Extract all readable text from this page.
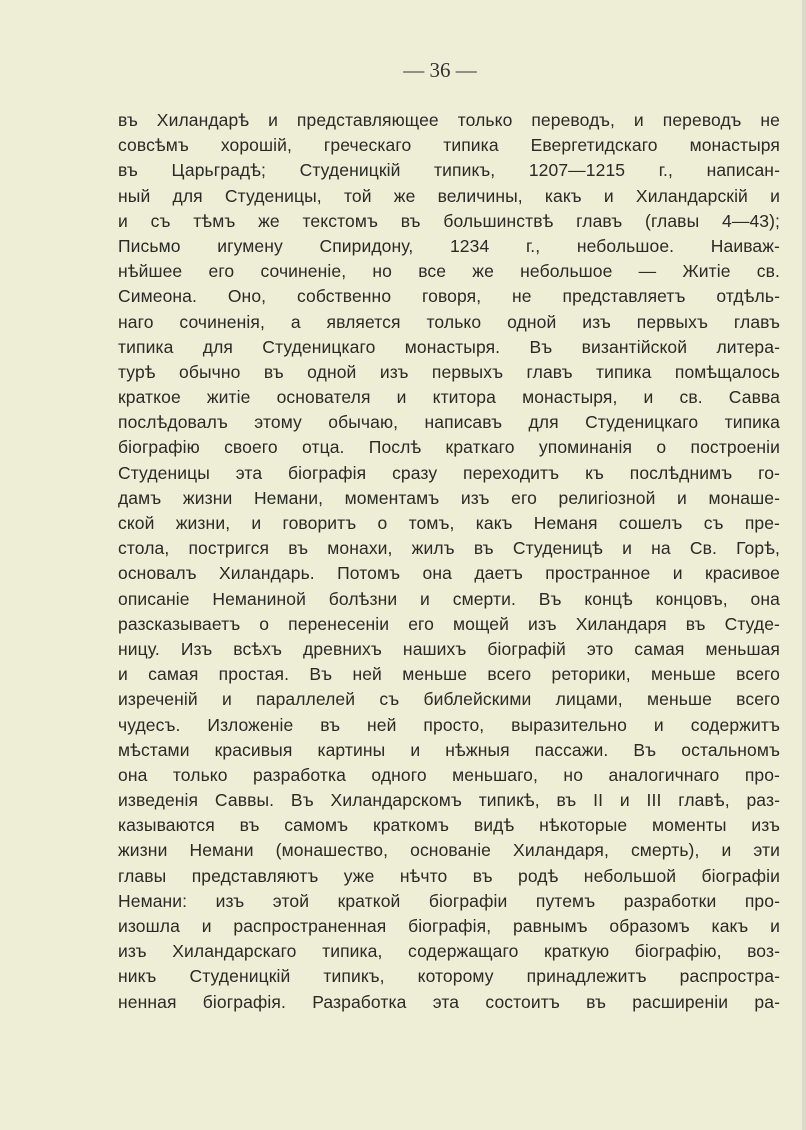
— 36 —
въ Хиландарѣ и представляющее только переводъ, и переводъ не
совсѣмъ хорошій, греческаго типика Евергетидскаго монастыря
въ Царьградѣ; Студеницкій типикъ, 1207—1215 г., написан-
ный для Студеницы, той же величины, какъ и Хиландарскій и
и съ тѣмъ же текстомъ въ большинствѣ главъ (главы 4—43);
Письмо игумену Спиридону, 1234 г., небольшое. Наиваж-
нѣйшее его сочиненіе, но все же небольшое — Житіе св.
Симеона. Оно, собственно говоря, не представляетъ отдѣль-
наго сочиненія, а является только одной изъ первыхъ главъ
типика для Студеницкаго монастыря. Въ византійской литера-
турѣ обычно въ одной изъ первыхъ главъ типика помѣщалось
краткое житіе основателя и ктитора монастыря, и св. Савва
послѣдовалъ этому обычаю, написавъ для Студеницкаго типика
біографію своего отца. Послѣ краткаго упоминанія о построеніи
Студеницы эта біографія сразу переходитъ къ послѣднимъ го-
дамъ жизни Немани, моментамъ изъ его религіозной и монаше-
ской жизни, и говоритъ о томъ, какъ Неманя сошелъ съ пре-
стола, постригся въ монахи, жилъ въ Студеницѣ и на Св. Горѣ,
основалъ Хиландарь. Потомъ она даетъ пространное и красивое
описаніе Неманиной болѣзни и смерти. Въ концѣ концовъ, она
разсказываетъ о перенесеніи его мощей изъ Хиландаря въ Студе-
ницу. Изъ всѣхъ древнихъ нашихъ біографій это самая меньшая
и самая простая. Въ ней меньше всего реторики, меньше всего
изреченій и параллелей съ библейскими лицами, меньше всего
чудесъ. Изложеніе въ ней просто, выразительно и содержитъ
мѣстами красивыя картины и нѣжныя пассажи. Въ остальномъ
она только разработка одного меньшаго, но аналогичнаго про-
изведенія Саввы. Въ Хиландарскомъ типикѣ, въ II и III главѣ, раз-
казываются въ самомъ краткомъ видѣ нѣкоторые моменты изъ
жизни Немани (монашество, основаніе Хиландаря, смерть), и эти
главы представляютъ уже нѣчто въ родѣ небольшой біографіи
Немани: изъ этой краткой біографіи путемъ разработки про-
изошла и распространенная біографія, равнымъ образомъ какъ и
изъ Хиландарскаго типика, содержащаго краткую біографію, воз-
никъ Студеницкій типикъ, которому принадлежитъ распростра-
ненная біографія. Разработка эта состоитъ въ расширеніи ра-
